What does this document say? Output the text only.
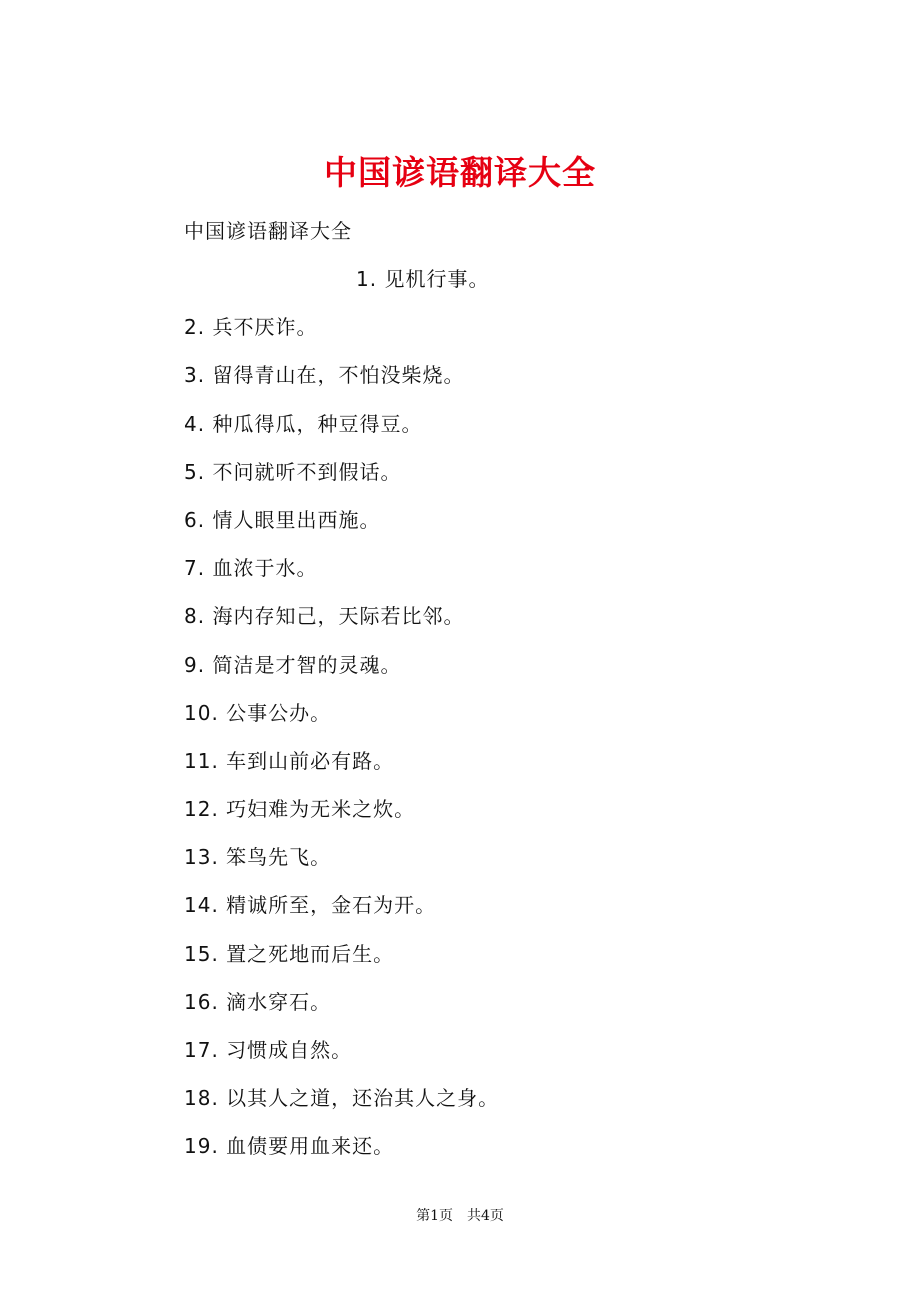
中国谚语翻译大全
中国谚语翻译大全
1. 见机行事。
2. 兵不厌诈。
3. 留得青山在，不怕没柴烧。
4. 种瓜得瓜，种豆得豆。
5. 不问就听不到假话。
6. 情人眼里出西施。
7. 血浓于水。
8. 海内存知己，天际若比邻。
9. 简洁是才智的灵魂。
10. 公事公办。
11. 车到山前必有路。
12. 巧妇难为无米之炊。
13. 笨鸟先飞。
14. 精诚所至，金石为开。
15. 置之死地而后生。
16. 滴水穿石。
17. 习惯成自然。
18. 以其人之道，还治其人之身。
19. 血债要用血来还。
第1页 共4页
